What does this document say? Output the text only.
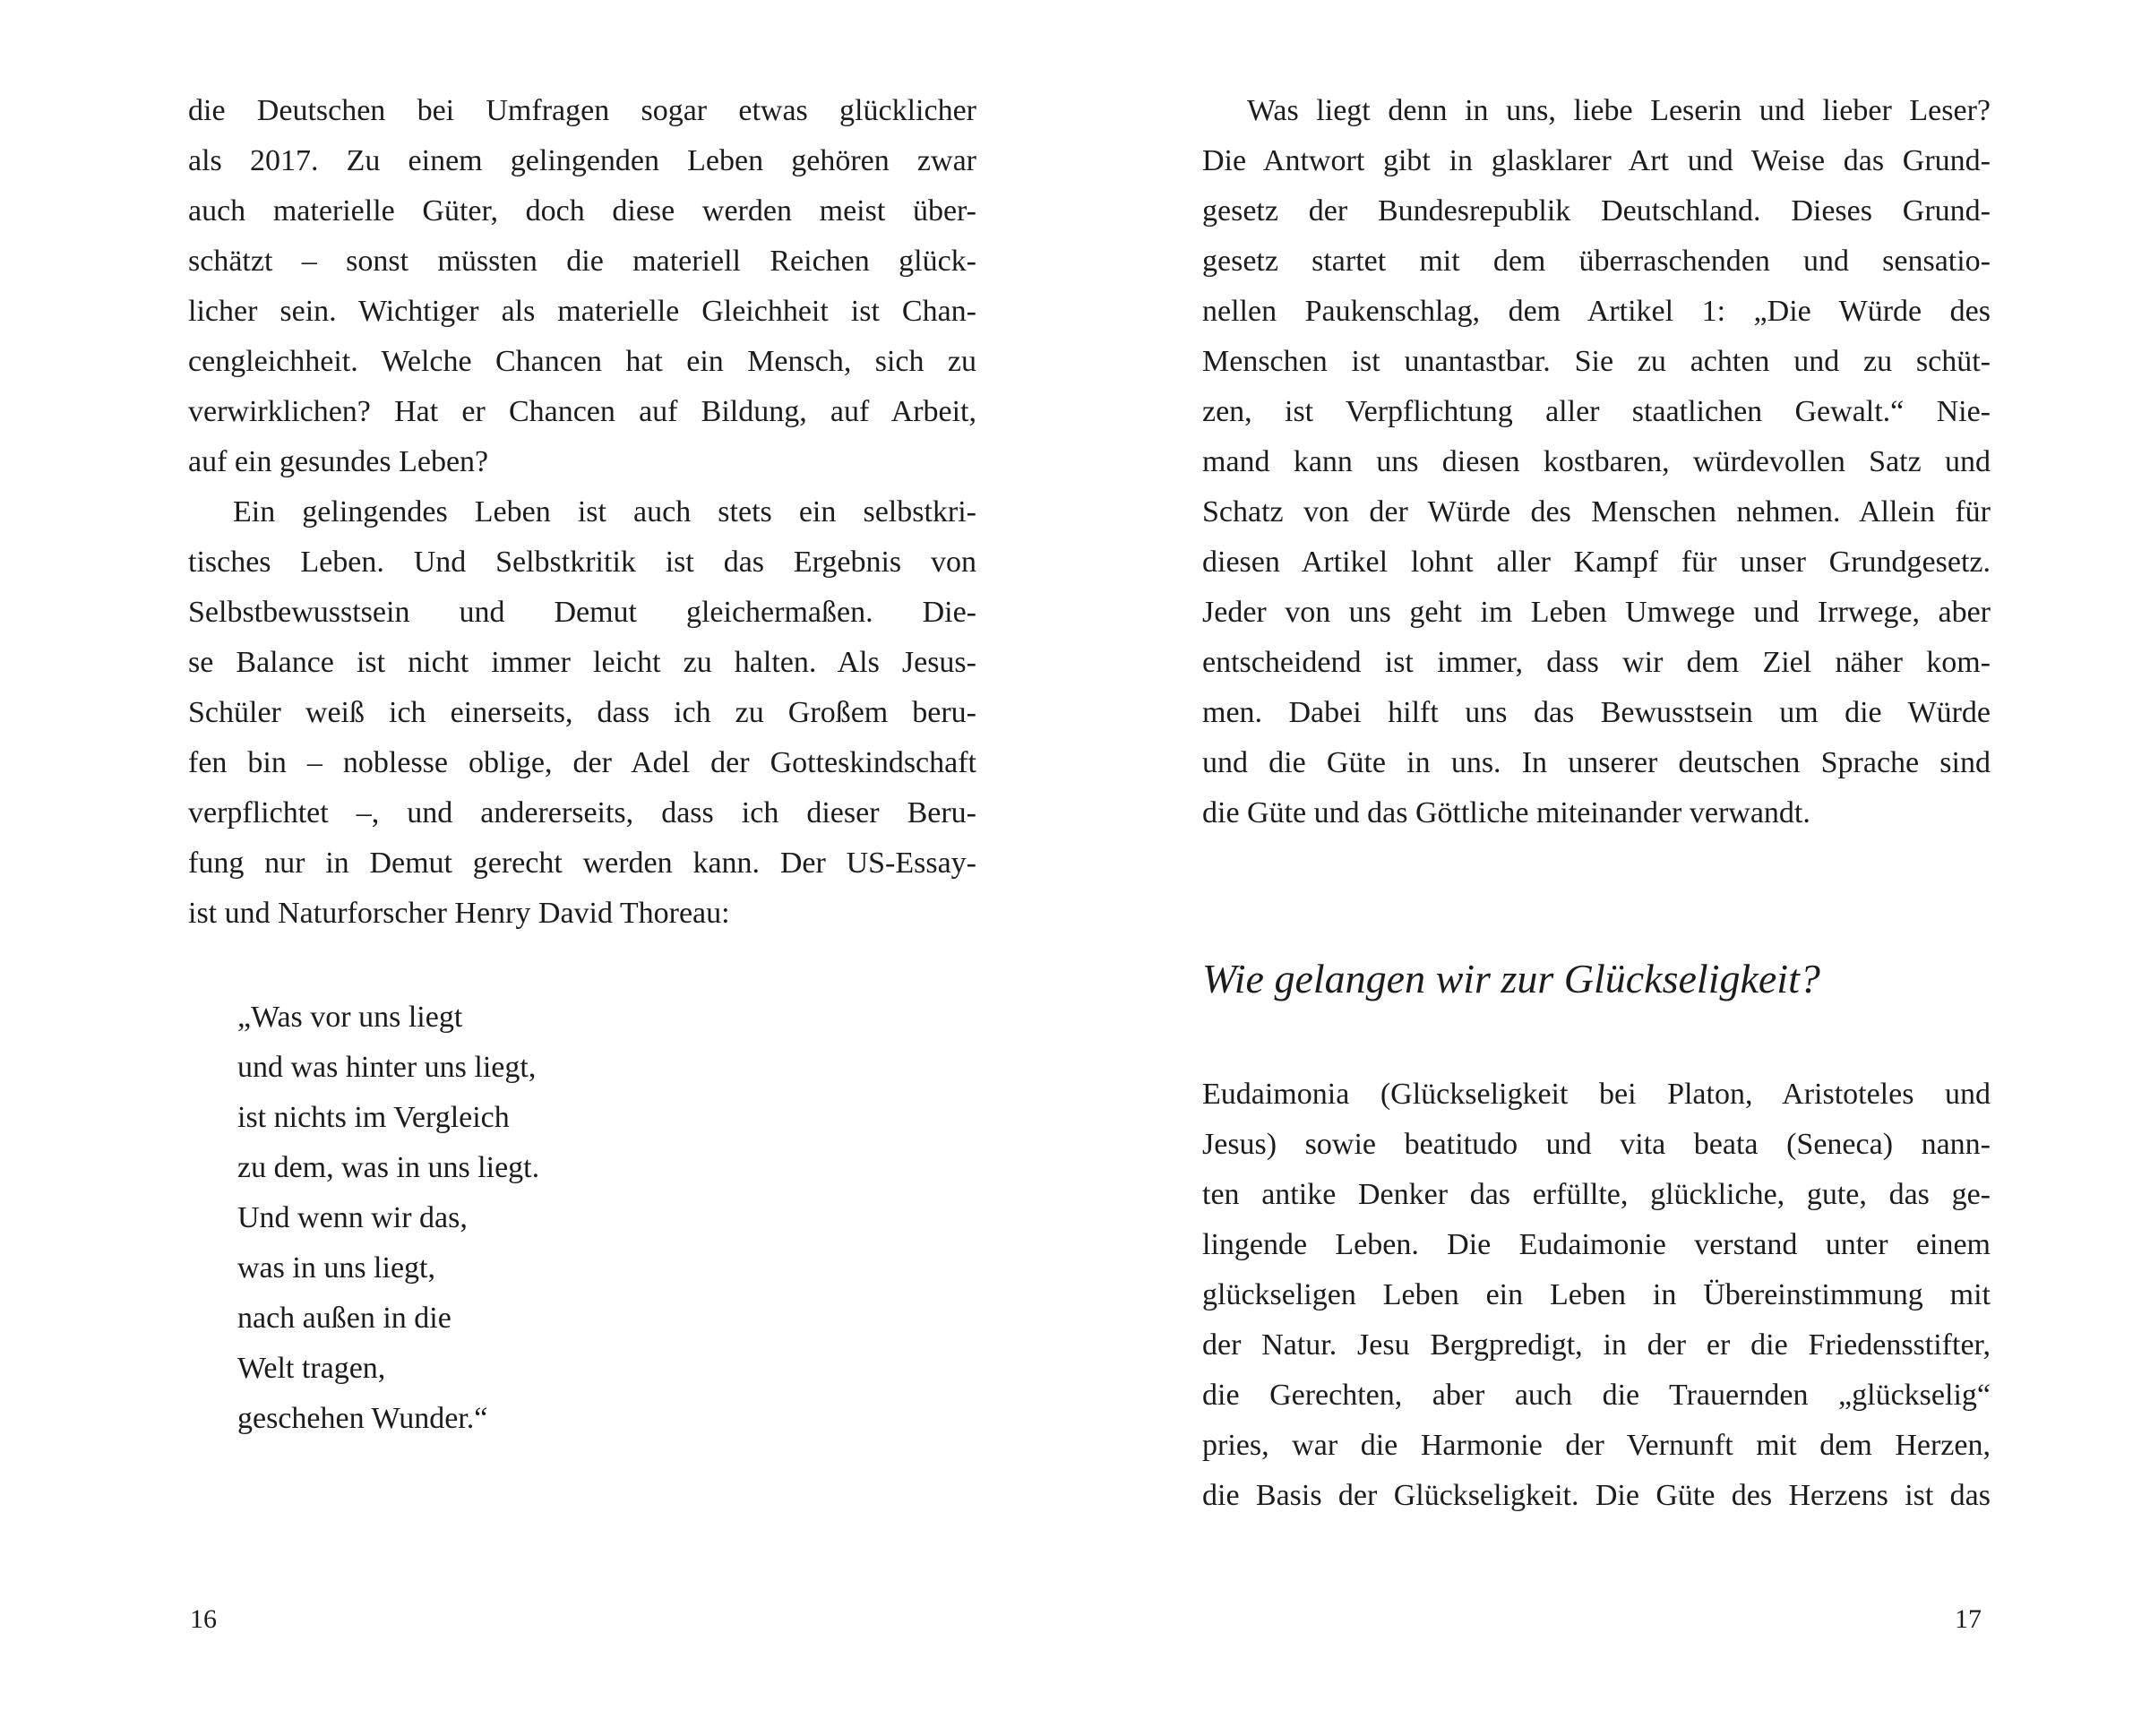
die Deutschen bei Umfragen sogar etwas glücklicher
als 2017. Zu einem gelingenden Leben gehören zwar
auch materielle Güter, doch diese werden meist über-
schätzt – sonst müssten die materiell Reichen glück-
licher sein. Wichtiger als materielle Gleichheit ist Chan-
cengleichheit. Welche Chancen hat ein Mensch, sich zu
verwirklichen? Hat er Chancen auf Bildung, auf Arbeit,
auf ein gesundes Leben?
Ein gelingendes Leben ist auch stets ein selbstkri-
tisches Leben. Und Selbstkritik ist das Ergebnis von
Selbstbewusstsein und Demut gleichermaßen. Die-
se Balance ist nicht immer leicht zu halten. Als Jesus-
Schüler weiß ich einerseits, dass ich zu Großem beru-
fen bin – noblesse oblige, der Adel der Gotteskindschaft
verpflichtet –, und andererseits, dass ich dieser Beru-
fung nur in Demut gerecht werden kann. Der US-Essay-
ist und Naturforscher Henry David Thoreau:
„Was vor uns liegt
und was hinter uns liegt,
ist nichts im Vergleich
zu dem, was in uns liegt.
Und wenn wir das,
was in uns liegt,
nach außen in die
Welt tragen,
geschehen Wunder.“
16
Was liegt denn in uns, liebe Leserin und lieber Leser?
Die Antwort gibt in glasklarer Art und Weise das Grund-
gesetz der Bundesrepublik Deutschland. Dieses Grund-
gesetz startet mit dem überraschenden und sensatio-
nellen Paukenschlag, dem Artikel 1: „Die Würde des
Menschen ist unantastbar. Sie zu achten und zu schüt-
zen, ist Verpflichtung aller staatlichen Gewalt.“ Nie-
mand kann uns diesen kostbaren, würdevollen Satz und
Schatz von der Würde des Menschen nehmen. Allein für
diesen Artikel lohnt aller Kampf für unser Grundgesetz.
Jeder von uns geht im Leben Umwege und Irrwege, aber
entscheidend ist immer, dass wir dem Ziel näher kom-
men. Dabei hilft uns das Bewusstsein um die Würde
und die Güte in uns. In unserer deutschen Sprache sind
die Güte und das Göttliche miteinander verwandt.
Wie gelangen wir zur Glückseligkeit?
Eudaimonia (Glückseligkeit bei Platon, Aristoteles und
Jesus) sowie beatitudo und vita beata (Seneca) nann-
ten antike Denker das erfüllte, glückliche, gute, das ge-
lingende Leben. Die Eudaimonie verstand unter einem
glückseligen Leben ein Leben in Übereinstimmung mit
der Natur. Jesu Bergpredigt, in der er die Friedensstifter,
die Gerechten, aber auch die Trauernden „glückselig“
pries, war die Harmonie der Vernunft mit dem Herzen,
die Basis der Glückseligkeit. Die Güte des Herzens ist das
17
